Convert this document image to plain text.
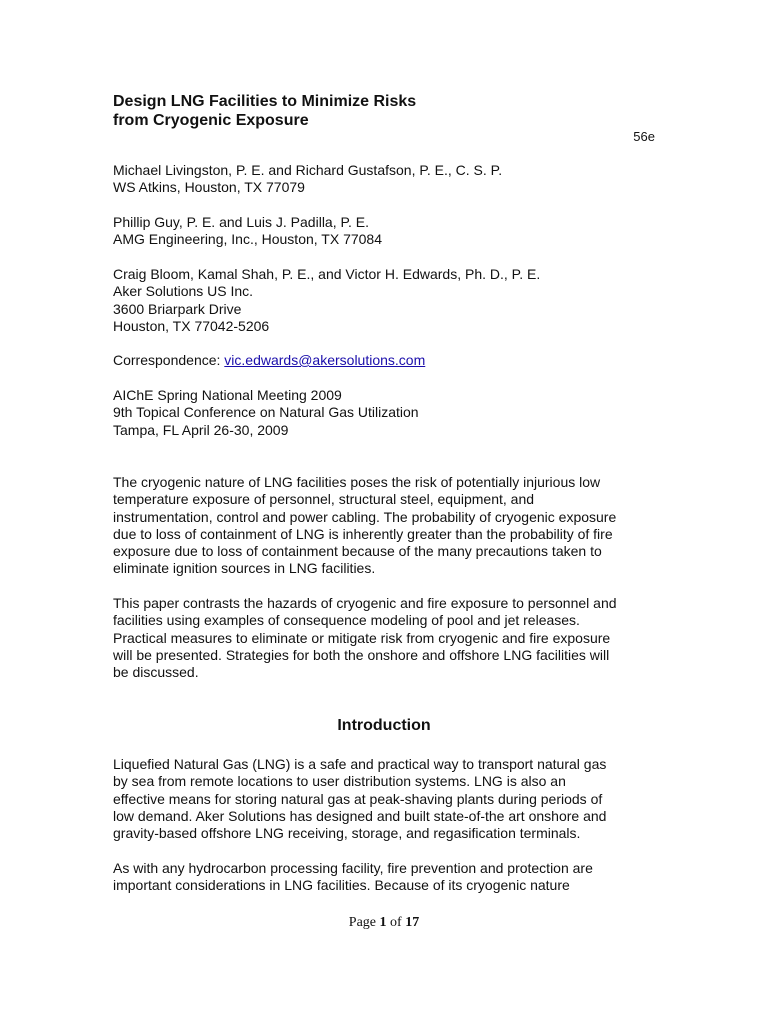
Design LNG Facilities to Minimize Risks
from Cryogenic Exposure
56e
Michael Livingston, P. E. and Richard Gustafson, P. E., C. S. P.
WS Atkins, Houston, TX 77079
Phillip Guy, P. E. and Luis J. Padilla, P. E.
AMG Engineering, Inc., Houston, TX 77084
Craig Bloom, Kamal Shah, P. E., and Victor H. Edwards, Ph. D., P. E.
Aker Solutions US Inc.
3600 Briarpark Drive
Houston, TX 77042-5206
Correspondence: vic.edwards@akersolutions.com
AIChE Spring National Meeting 2009
9th Topical Conference on Natural Gas Utilization
Tampa, FL April 26-30, 2009
The cryogenic nature of LNG facilities poses the risk of potentially injurious low
temperature exposure of personnel, structural steel, equipment, and
instrumentation, control and power cabling. The probability of cryogenic exposure
due to loss of containment of LNG is inherently greater than the probability of fire
exposure due to loss of containment because of the many precautions taken to
eliminate ignition sources in LNG facilities.
This paper contrasts the hazards of cryogenic and fire exposure to personnel and
facilities using examples of consequence modeling of pool and jet releases.
Practical measures to eliminate or mitigate risk from cryogenic and fire exposure
will be presented. Strategies for both the onshore and offshore LNG facilities will
be discussed.
Introduction
Liquefied Natural Gas (LNG) is a safe and practical way to transport natural gas
by sea from remote locations to user distribution systems. LNG is also an
effective means for storing natural gas at peak-shaving plants during periods of
low demand. Aker Solutions has designed and built state-of-the art onshore and
gravity-based offshore LNG receiving, storage, and regasification terminals.
As with any hydrocarbon processing facility, fire prevention and protection are
important considerations in LNG facilities. Because of its cryogenic nature
Page 1 of 17
